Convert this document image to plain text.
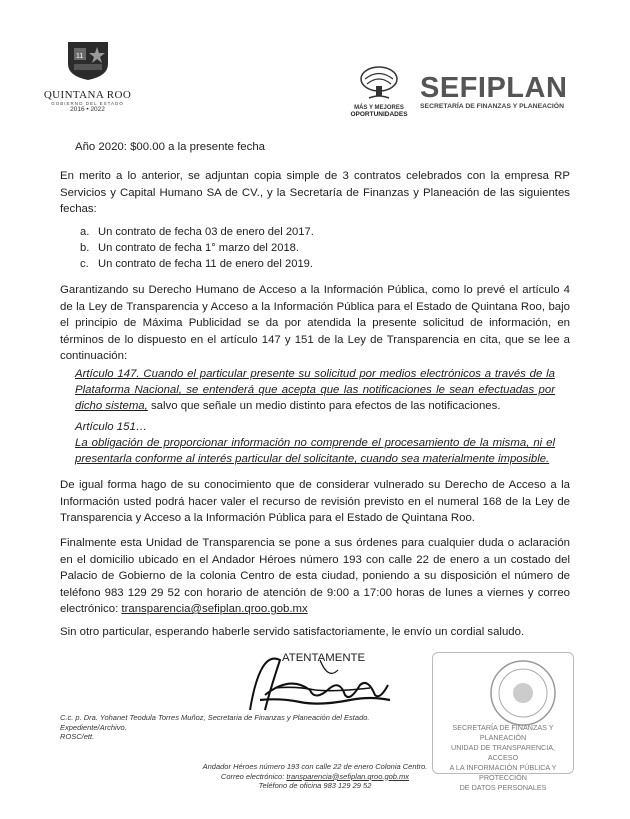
11
QUINTANA ROO
GOBIERNO DEL ESTADO
2016 • 2022	MÁS Y MEJORES
OPORTUNIDADES
SEFIPLAN
SECRETARÍA DE FINANZAS Y PLANEACIÓN

Año 2020: $00.00 a la presente fecha

En merito a lo anterior, se adjuntan copia simple de 3 contratos celebrados con la empresa RP Servicios y Capital Humano SA de CV., y la Secretaría de Finanzas y Planeación de las siguientes fechas:

a. Un contrato de fecha 03 de enero del 2017.
b. Un contrato de fecha 1° marzo del 2018.
c. Un contrato de fecha 11 de enero del 2019.

Garantizando su Derecho Humano de Acceso a la Información Pública, como lo prevé el artículo 4 de la Ley de Transparencia y Acceso a la Información Pública para el Estado de Quintana Roo, bajo el principio de Máxima Publicidad se da por atendida la presente solicitud de información, en términos de lo dispuesto en el artículo 147 y 151 de la Ley de Transparencia en cita, que se lee a continuación:

Artículo 147. Cuando el particular presente su solicitud por medios electrónicos a través de la Plataforma Nacional, se entenderá que acepta que las notificaciones le sean efectuadas por dicho sistema, salvo que señale un medio distinto para efectos de las notificaciones.

Artículo 151…

La obligación de proporcionar información no comprende el procesamiento de la misma, ni el presentarla conforme al interés particular del solicitante, cuando sea materialmente imposible.

De igual forma hago de su conocimiento que de considerar vulnerado su Derecho de Acceso a la Información usted podrá hacer valer el recurso de revisión previsto en el numeral 168 de la Ley de Transparencia y Acceso a la Información Pública para el Estado de Quintana Roo.

Finalmente esta Unidad de Transparencia se pone a sus órdenes para cualquier duda o aclaración en el domicilio ubicado en el Andador Héroes número 193 con calle 22 de enero a un costado del Palacio de Gobierno de la colonia Centro de esta ciudad, poniendo a su disposición el número de teléfono 983 129 29 52 con horario de atención de 9:00 a 17:00 horas de lunes a viernes y correo electrónico: transparencia@sefiplan.qroo.gob.mx

Sin otro particular, esperando haberle servido satisfactoriamente, le envío un cordial saludo.

ATENTAMENTE

SECRETARÍA DE FINANZAS Y PLANEACIÓN
UNIDAD DE TRANSPARENCIA, ACCESO
A LA INFORMACIÓN PÚBLICA Y PROTECCIÓN
DE DATOS PERSONALES
C.c. p. Dra. Yohanet Teodula Torres Muñoz, Secretaria de Finanzas y Planeación del Estado.
Expediente/Archivo.
ROSC/ett.
Andador Héroes número 193 con calle 22 de enero Colonia Centro.
Correo electrónico: transparencia@sefiplan.qroo.gob.mx
Teléfono de oficina 983 129 29 52
